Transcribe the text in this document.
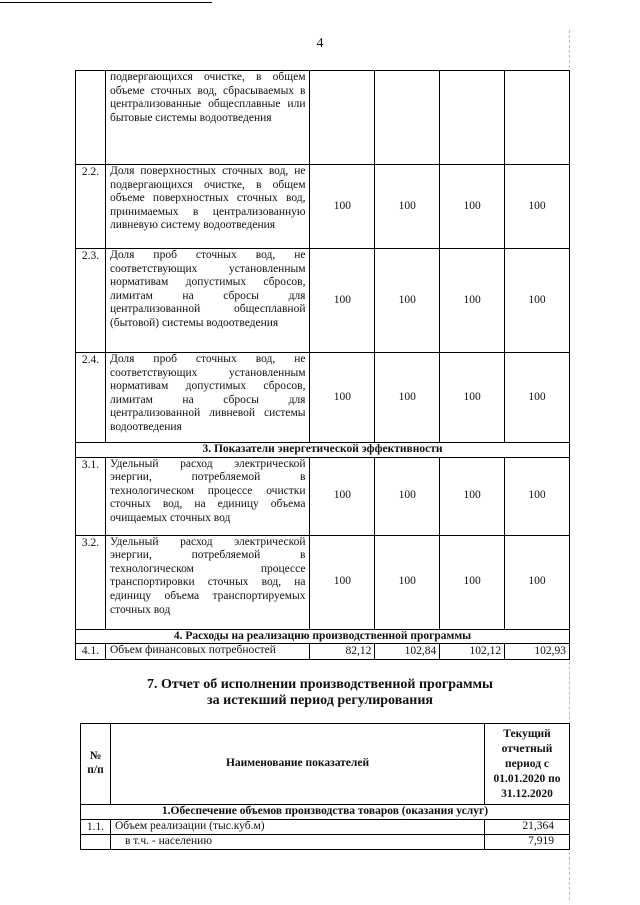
4
	подвергающихся очистке, в общем объеме сточных вод, сбрасываемых в централизованные общесплавные или бытовые системы водоотведения				
2.2.	Доля поверхностных сточных вод, не подвергающихся очистке, в общем объеме поверхностных сточных вод, принимаемых в централизованную ливневую систему водоотведения	100	100	100	100
2.3.	Доля проб сточных вод, не соответствующих установленным нормативам допустимых сбросов, лимитам на сбросы для централизованной общесплавной (бытовой) системы водоотведения	100	100	100	100
2.4.	Доля проб сточных вод, не соответствующих установленным нормативам допустимых сбросов, лимитам на сбросы для централизованной ливневой системы водоотведения	100	100	100	100
3. Показатели энергетической эффективности					
3.1.	Удельный расход электрической энергии, потребляемой в технологическом процессе очистки сточных вод, на единицу объема очищаемых сточных вод	100	100	100	100
3.2.	Удельный расход электрической энергии, потребляемой в технологическом процессе транспортировки сточных вод, на единицу объема транспортируемых сточных вод	100	100	100	100
4. Расходы на реализацию производственной программы					
4.1.	Объем финансовых потребностей	82,12	102,84	102,12	102,93
7. Отчет об исполнении производственной программы
за истекший период регулирования
№ п/п	Наименование показателей	Текущий отчетный период с 01.01.2020 по 31.12.2020
1.Обеспечение объемов производства товаров (оказания услуг)		
1.1.	Объем реализации (тыс.куб.м)	21,364
	в т.ч. - населению	7,919
